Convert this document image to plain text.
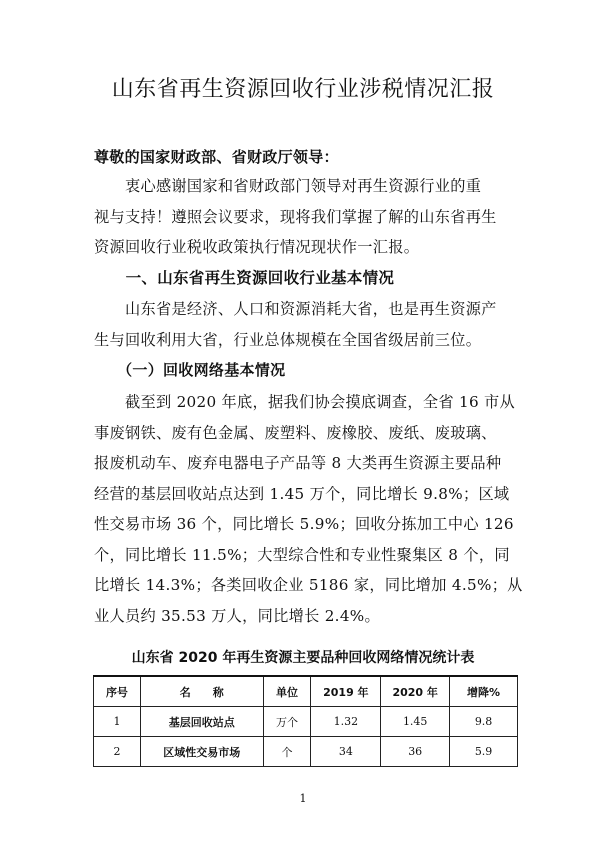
山东省再生资源回收行业涉税情况汇报
尊敬的国家财政部、省财政厅领导：
　　衷心感谢国家和省财政部门领导对再生资源行业的重
视与支持！遵照会议要求，现将我们掌握了解的山东省再生
资源回收行业税收政策执行情况现状作一汇报。
　　一、山东省再生资源回收行业基本情况
　　山东省是经济、人口和资源消耗大省，也是再生资源产
生与回收利用大省，行业总体规模在全国省级居前三位。
　　（一）回收网络基本情况
　　截至到 2020 年底，据我们协会摸底调查，全省 16 市从
事废钢铁、废有色金属、废塑料、废橡胶、废纸、废玻璃、
报废机动车、废弃电器电子产品等 8 大类再生资源主要品种
经营的基层回收站点达到 1.45 万个，同比增长 9.8%；区域
性交易市场 36 个，同比增长 5.9%；回收分拣加工中心 126
个，同比增长 11.5%；大型综合性和专业性聚集区 8 个，同
比增长 14.3%；各类回收企业 5186 家，同比增加 4.5%；从
业人员约 35.53 万人，同比增长 2.4%。
山东省 2020 年再生资源主要品种回收网络情况统计表
序号	名　　称	单位	2019 年	2020 年	增降%
1	基层回收站点	万个	1.32	1.45	9.8
2	区域性交易市场	个	34	36	5.9
1
